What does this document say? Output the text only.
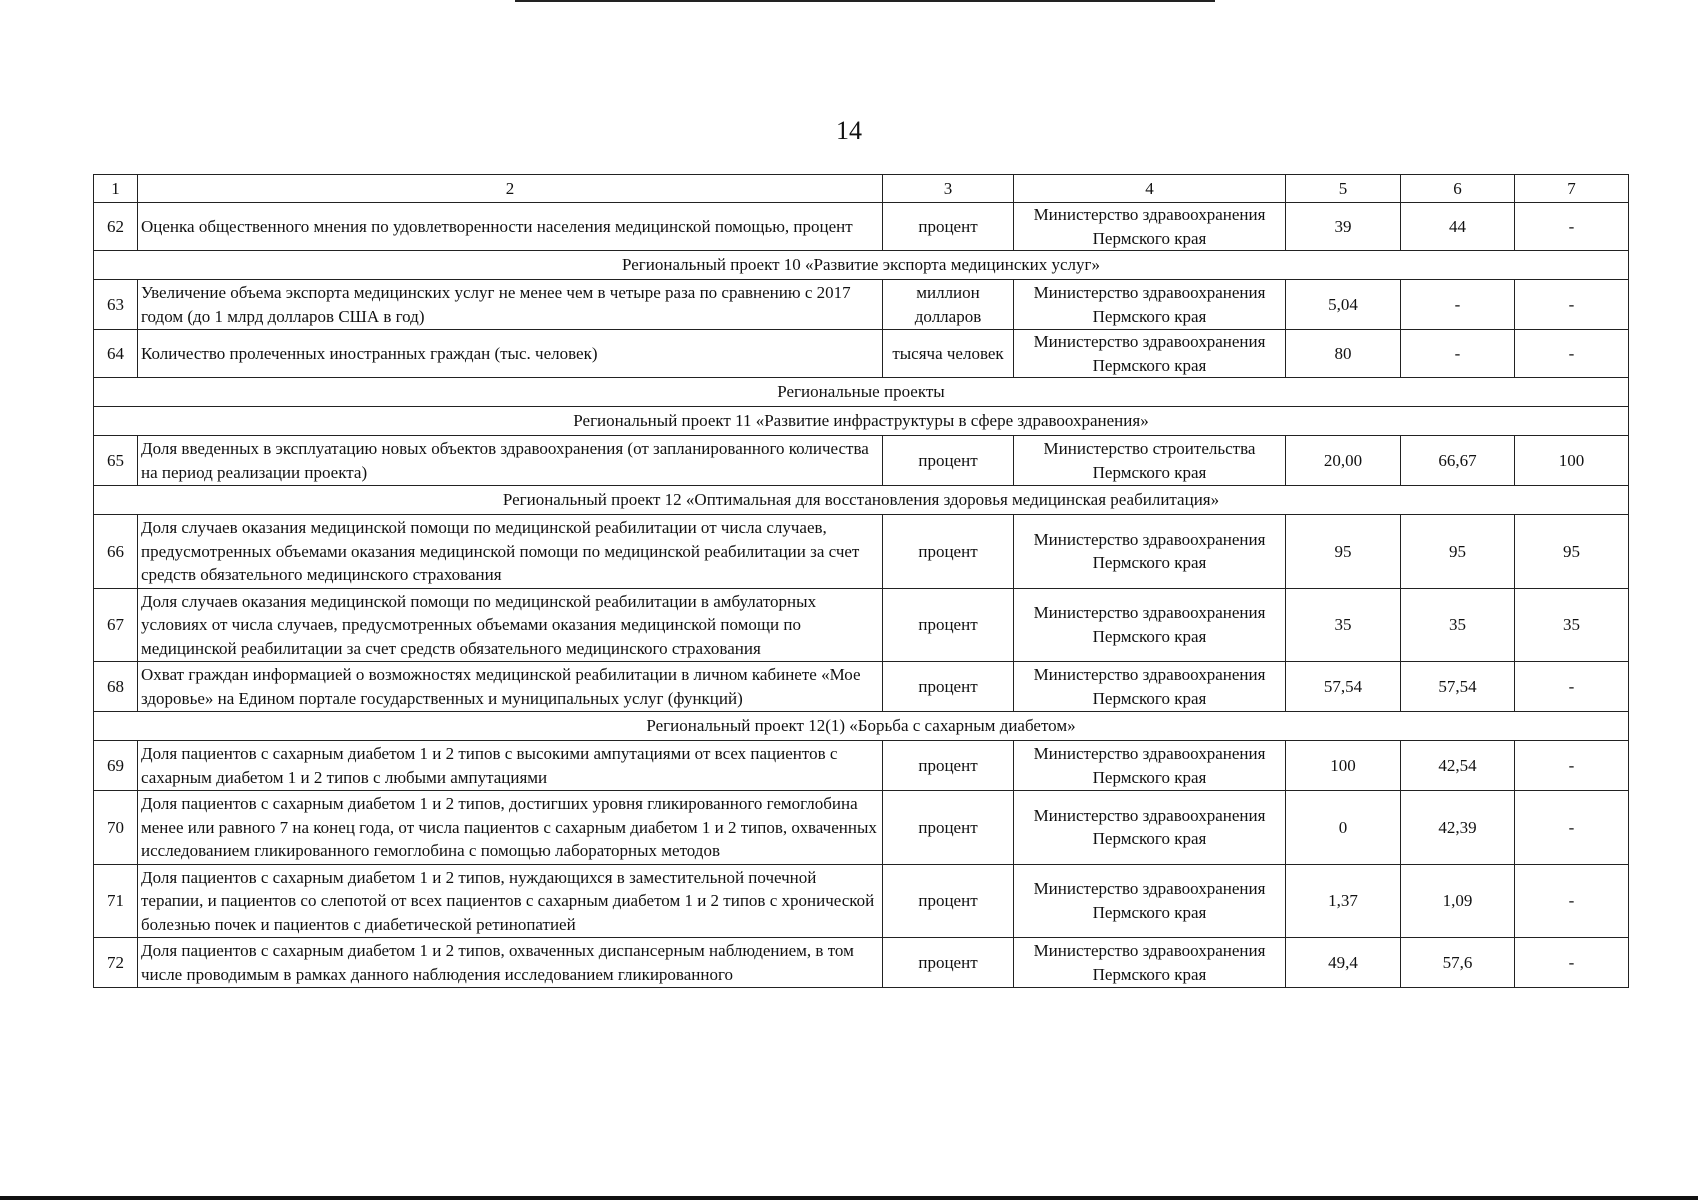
14
1	2	3	4	5	6	7
62	Оценка общественного мнения по удовлетворенности населения медицинской помощью, процент	процент	Министерство здравоохранения Пермского края	39	44	-
Региональный проект 10 «Развитие экспорта медицинских услуг»						
63	Увеличение объема экспорта медицинских услуг не менее чем в четыре раза по сравнению с 2017 годом (до 1 млрд долларов США в год)	миллион долларов	Министерство здравоохранения Пермского края	5,04	-	-
64	Количество пролеченных иностранных граждан (тыс. человек)	тысяча человек	Министерство здравоохранения Пермского края	80	-	-
Региональные проекты						
Региональный проект 11 «Развитие инфраструктуры в сфере здравоохранения»						
65	Доля введенных в эксплуатацию новых объектов здравоохранения (от запланированного количества на период реализации проекта)	процент	Министерство строительства Пермского края	20,00	66,67	100
Региональный проект 12 «Оптимальная для восстановления здоровья медицинская реабилитация»						
66	Доля случаев оказания медицинской помощи по медицинской реабилитации от числа случаев, предусмотренных объемами оказания медицинской помощи по медицинской реабилитации за счет средств обязательного медицинского страхования	процент	Министерство здравоохранения Пермского края	95	95	95
67	Доля случаев оказания медицинской помощи по медицинской реабилитации в амбулаторных условиях от числа случаев, предусмотренных объемами оказания медицинской помощи по медицинской реабилитации за счет средств обязательного медицинского страхования	процент	Министерство здравоохранения Пермского края	35	35	35
68	Охват граждан информацией о возможностях медицинской реабилитации в личном кабинете «Мое здоровье» на Едином портале государственных и муниципальных услуг (функций)	процент	Министерство здравоохранения Пермского края	57,54	57,54	-
Региональный проект 12(1) «Борьба с сахарным диабетом»						
69	Доля пациентов с сахарным диабетом 1 и 2 типов с высокими ампутациями от всех пациентов с сахарным диабетом 1 и 2 типов с любыми ампутациями	процент	Министерство здравоохранения Пермского края	100	42,54	-
70	Доля пациентов с сахарным диабетом 1 и 2 типов, достигших уровня гликированного гемоглобина менее или равного 7 на конец года, от числа пациентов с сахарным диабетом 1 и 2 типов, охваченных исследованием гликированного гемоглобина с помощью лабораторных методов	процент	Министерство здравоохранения Пермского края	0	42,39	-
71	Доля пациентов с сахарным диабетом 1 и 2 типов, нуждающихся в заместительной почечной терапии, и пациентов со слепотой от всех пациентов с сахарным диабетом 1 и 2 типов с хронической болезнью почек и пациентов с диабетической ретинопатией	процент	Министерство здравоохранения Пермского края	1,37	1,09	-
72	Доля пациентов с сахарным диабетом 1 и 2 типов, охваченных диспансерным наблюдением, в том числе проводимым в рамках данного наблюдения исследованием гликированного	процент	Министерство здравоохранения Пермского края	49,4	57,6	-
